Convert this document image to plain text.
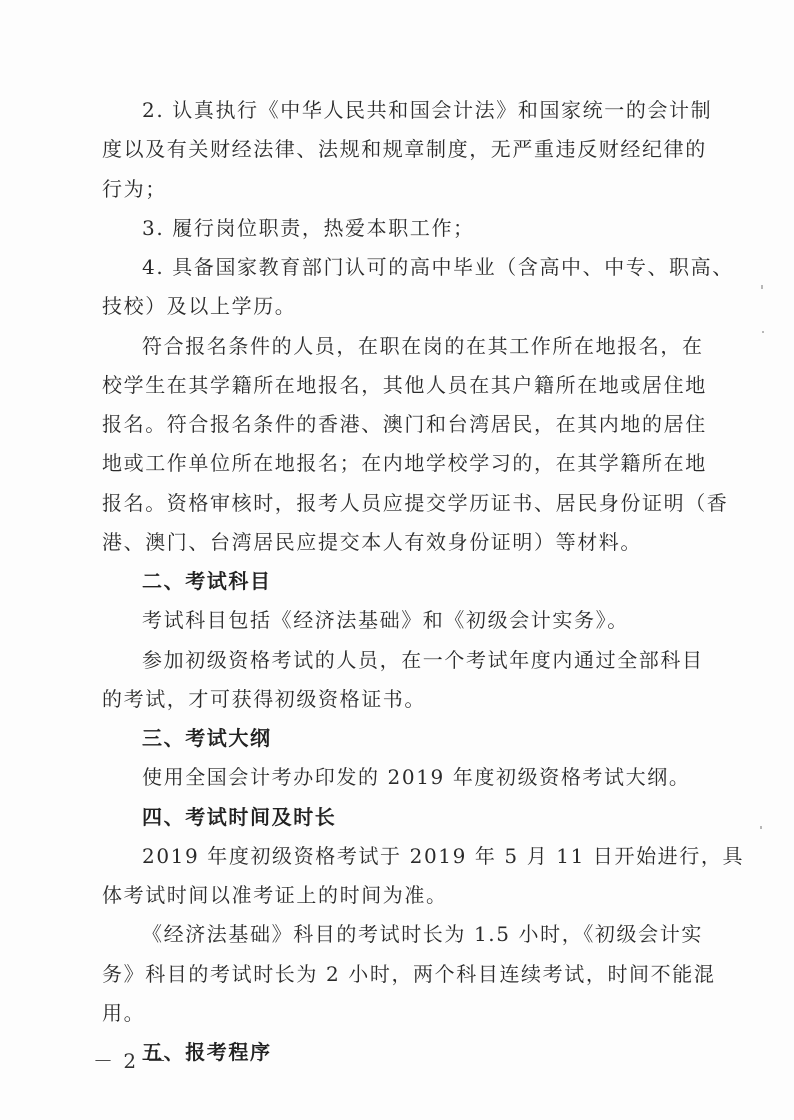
2. 认真执行《中华人民共和国会计法》和国家统一的会计制
度以及有关财经法律、法规和规章制度，无严重违反财经纪律的
行为；
3. 履行岗位职责，热爱本职工作；
4. 具备国家教育部门认可的高中毕业（含高中、中专、职高、
技校）及以上学历。
符合报名条件的人员，在职在岗的在其工作所在地报名，在
校学生在其学籍所在地报名，其他人员在其户籍所在地或居住地
报名。符合报名条件的香港、澳门和台湾居民，在其内地的居住
地或工作单位所在地报名；在内地学校学习的，在其学籍所在地
报名。资格审核时，报考人员应提交学历证书、居民身份证明（香
港、澳门、台湾居民应提交本人有效身份证明）等材料。
二、考试科目
考试科目包括《经济法基础》和《初级会计实务》。
参加初级资格考试的人员，在一个考试年度内通过全部科目
的考试，才可获得初级资格证书。
三、考试大纲
使用全国会计考办印发的 2019 年度初级资格考试大纲。
四、考试时间及时长
2019 年度初级资格考试于 2019 年 5 月 11 日开始进行，具
体考试时间以准考证上的时间为准。
《经济法基础》科目的考试时长为 1.5 小时，《初级会计实
务》科目的考试时长为 2 小时，两个科目连续考试，时间不能混
用。
五、报考程序
－ 2 －
